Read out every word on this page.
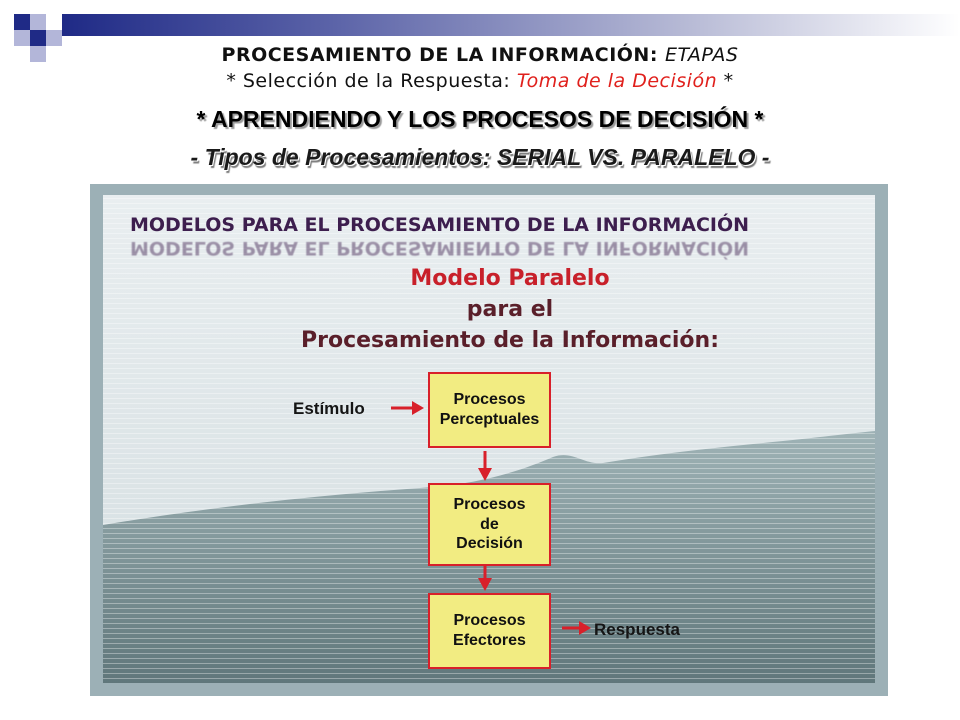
PROCESAMIENTO DE LA INFORMACIÓN: ETAPAS
* Selección de la Respuesta: Toma de la Decisión *
* APRENDIENDO Y LOS PROCESOS DE DECISIÓN *
- Tipos de Procesamientos: SERIAL VS. PARALELO -
MODELOS PARA EL PROCESAMIENTO DE LA INFORMACIÓN
MODELOS PARA EL PROCESAMIENTO DE LA INFORMACIÓN
Modelo Paralelo
para el
Procesamiento de la Información:
Estímulo
Respuesta
Procesos
Perceptuales
Procesos
de
Decisión
Procesos
Efectores
